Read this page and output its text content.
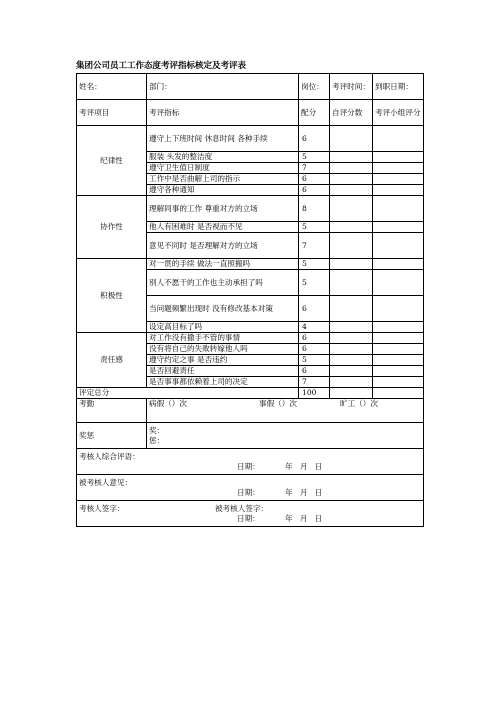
集团公司员工工作态度考评指标核定及考评表
姓名：	部门：	岗位：	考评时间：	到职日期：
考评项目	考评指标	配分	自评分数	考评小组评分
纪律性	遵守上下班时间 休息时间 各种手续	6		
	服装 头发的整洁度	5		
	遵守卫生值日制度	7		
	工作中是否曲解上司的指示	6		
	遵守各种通知	6		
协作性	理解同事的工作 尊重对方的立场	8		
	他人有困难时 是否视而不见	5		
	意见不同时 是否理解对方的立场	7		
积极性	对一贯的手续 做法一直照搬吗	5		
	别人不愿干的工作也主动承担了吗	5		
	当问题频繁出现时 没有修改基本对策	6		
	设定高目标了吗	4		
责任感	对工作没有撒手不管的事情	6		
	没有将自己的失败转嫁他人吗	6		
	遵守约定之事 是否违约	5		
	是否回避责任	6		
	是否事事都依赖着上司的决定	7		
评定总分		100		
考勤	病假（）次 事假（）次 旷工（）次			

奖惩	奖：
惩：			

考核人综合评语：
日期： 年   月   日				

被考核人意见：
日期： 年   月   日				

考核人签字： 被考核人签字：
日期： 年   月   日				
